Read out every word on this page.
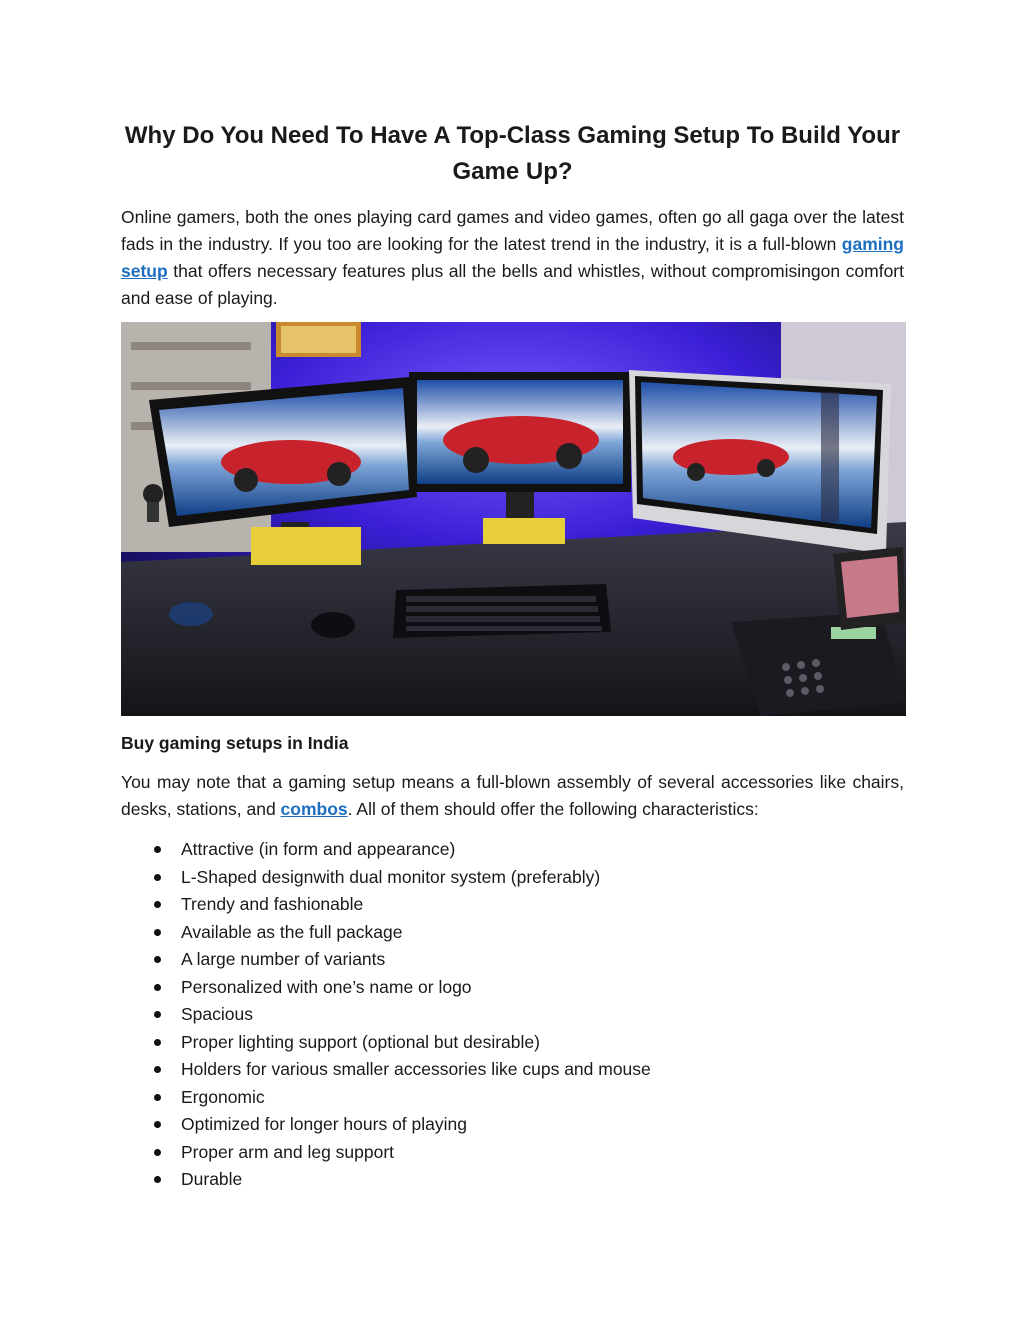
Why Do You Need To Have A Top-Class Gaming Setup To Build Your Game Up?
Online gamers, both the ones playing card games and video games, often go all gaga over the latest fads in the industry. If you too are looking for the latest trend in the industry, it is a full-blown gaming setup that offers necessary features plus all the bells and whistles, without compromisingon comfort and ease of playing.
Buy gaming setups in India
You may note that a gaming setup means a full-blown assembly of several accessories like chairs, desks, stations, and combos. All of them should offer the following characteristics:
Attractive (in form and appearance)
L-Shaped designwith dual monitor system (preferably)
Trendy and fashionable
Available as the full package
A large number of variants
Personalized with one’s name or logo
Spacious
Proper lighting support (optional but desirable)
Holders for various smaller accessories like cups and mouse
Ergonomic
Optimized for longer hours of playing
Proper arm and leg support
Durable
